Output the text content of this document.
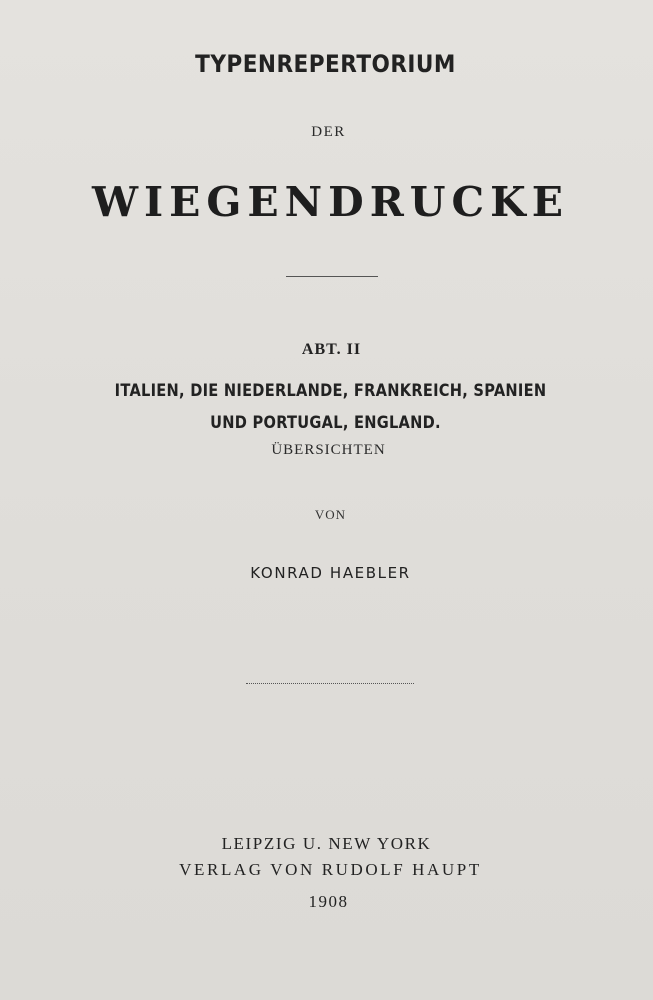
TYPENREPERTORIUM

DER

WIEGENDRUCKE

ABT. II

ITALIEN, DIE NIEDERLANDE, FRANKREICH, SPANIEN

UND PORTUGAL, ENGLAND.

ÜBERSICHTEN

VON

KONRAD HAEBLER

LEIPZIG U. NEW YORK

VERLAG VON RUDOLF HAUPT

1908
